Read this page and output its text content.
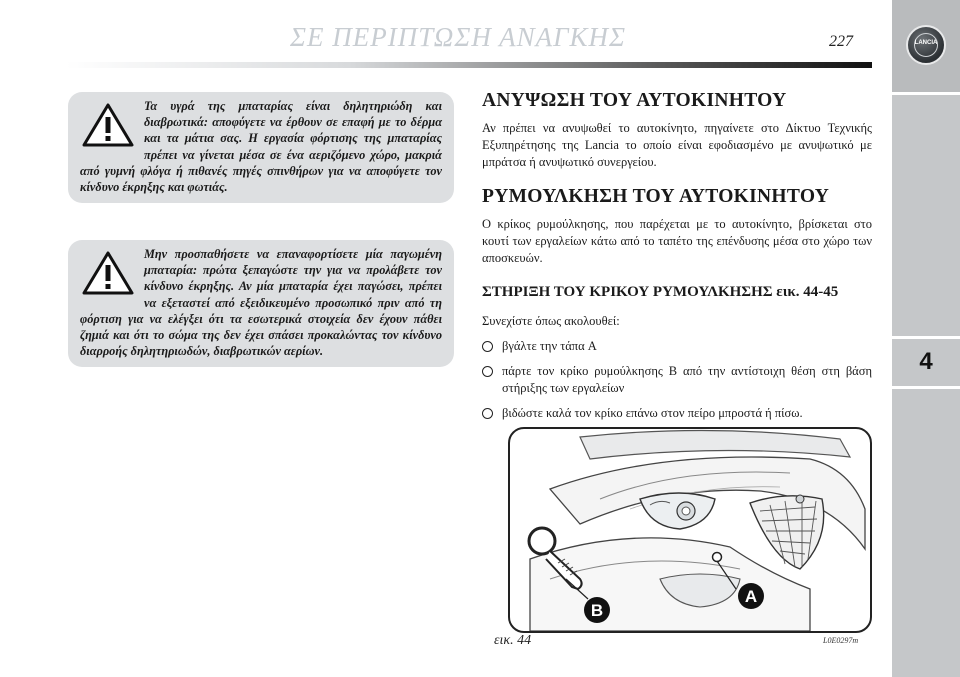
ΣΕ ΠΕΡΙΠΤΩΣΗ ΑΝΑΓΚΗΣ	227	LANCIA
4

Τα υγρά της μπαταρίας είναι δηλητηριώδη και διαβρωτικά: αποφύγετε να έρθουν σε επαφή με το δέρμα και τα μάτια σας. Η εργασία φόρτισης της μπαταρίας πρέπει να γίνεται μέσα σε ένα αεριζόμενο χώρο, μακριά από γυμνή φλόγα ή πιθανές πηγές σπινθήρων για να αποφύγετε τον κίνδυνο έκρηξης και φωτιάς.

Μην προσπαθήσετε να επαναφορτίσετε μία παγωμένη μπαταρία: πρώτα ξεπαγώστε την για να προλάβετε τον κίνδυνο έκρηξης. Αν μία μπαταρία έχει παγώσει, πρέπει να εξεταστεί από εξειδικευμένο προσωπικό πριν από τη φόρτιση για να ελέγξει ότι τα εσωτερικά στοιχεία δεν έχουν πάθει ζημιά και ότι το σώμα της δεν έχει σπάσει προκαλώντας τον κίνδυνο διαρροής δηλητηριωδών, διαβρωτικών αερίων.

ΑΝΥΨΩΣΗ ΤΟΥ ΑΥΤΟΚΙΝΗΤΟΥ

Αν πρέπει να ανυψωθεί το αυτοκίνητο, πηγαίνετε στο Δίκτυο Τεχνικής Εξυπηρέτησης της Lancia το οποίο είναι εφοδιασμένο με ανυψωτικό με μπράτσα ή ανυψωτικό συνεργείου.

ΡΥΜΟΥΛΚΗΣΗ ΤΟΥ ΑΥΤΟΚΙΝΗΤΟΥ

Ο κρίκος ρυμούλκησης, που παρέχεται με το αυτοκίνητο, βρίσκεται στο κουτί των εργαλείων κάτω από το ταπέτο της επένδυσης μέσα στο χώρο των αποσκευών.

ΣΤΗΡΙΞΗ ΤΟΥ ΚΡΙΚΟΥ ΡΥΜΟΥΛΚΗΣΗΣ εικ. 44-45

Συνεχίστε όπως ακολουθεί:

βγάλτε την τάπα A
πάρτε τον κρίκο ρυμούλκησης B από την αντίστοιχη θέση στη βάση στήριξης των εργαλείων
βιδώστε καλά τον κρίκο επάνω στον πείρο μπροστά ή πίσω.
A
B
εικ. 44	L0E0297m
